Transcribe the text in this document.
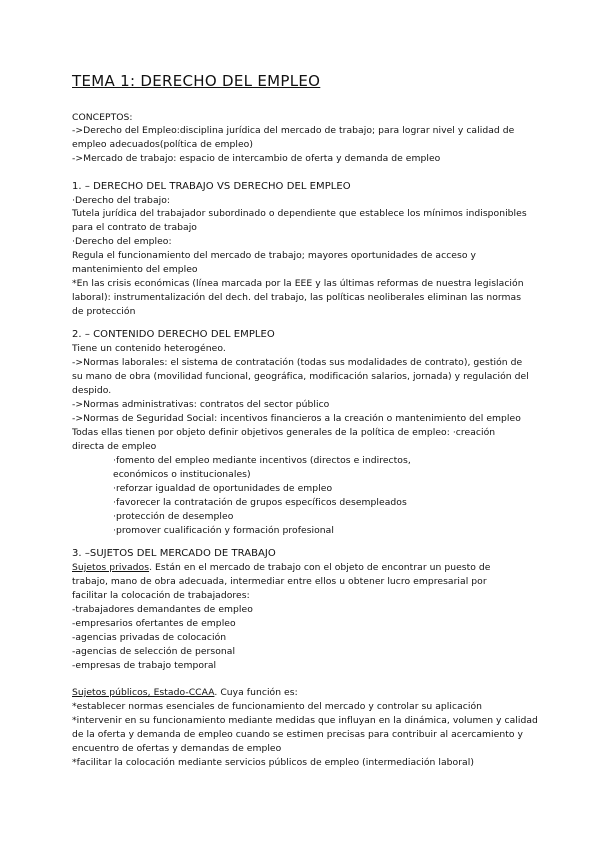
TEMA 1: DERECHO DEL EMPLEO
CONCEPTOS:
->Derecho del Empleo:disciplina jurídica del mercado de trabajo; para lograr nivel y calidad de
empleo adecuados(política de empleo)
->Mercado de trabajo: espacio de intercambio de oferta y demanda de empleo
1. – DERECHO DEL TRABAJO VS DERECHO DEL EMPLEO
·Derecho del trabajo:
Tutela jurídica del trabajador subordinado o dependiente que establece los mínimos indisponibles
para el contrato de trabajo
·Derecho del empleo:
Regula el funcionamiento del mercado de trabajo; mayores oportunidades de acceso y
mantenimiento del empleo
*En las crisis económicas (línea marcada por la EEE y las últimas reformas de nuestra legislación
laboral): instrumentalización del dech. del trabajo, las políticas neoliberales eliminan las normas
de protección
2. – CONTENIDO DERECHO DEL EMPLEO
Tiene un contenido heterogéneo.
->Normas laborales: el sistema de contratación (todas sus modalidades de contrato), gestión de
su mano de obra (movilidad funcional, geográfica, modificación salarios, jornada) y regulación del
despido.
->Normas administrativas: contratos del sector público
->Normas de Seguridad Social: incentivos financieros a la creación o mantenimiento del empleo
Todas ellas tienen por objeto definir objetivos generales de la política de empleo: ·creación
directa de empleo
·fomento del empleo mediante incentivos (directos e indirectos,
económicos o institucionales)
·reforzar igualdad de oportunidades de empleo
·favorecer la contratación de grupos específicos desempleados
·protección de desempleo
·promover cualificación y formación profesional
3. –SUJETOS DEL MERCADO DE TRABAJO
Sujetos privados. Están en el mercado de trabajo con el objeto de encontrar un puesto de
trabajo, mano de obra adecuada, intermediar entre ellos u obtener lucro empresarial por
facilitar la colocación de trabajadores:
-trabajadores demandantes de empleo
-empresarios ofertantes de empleo
-agencias privadas de colocación
-agencias de selección de personal
-empresas de trabajo temporal
Sujetos públicos, Estado-CCAA. Cuya función es:
*establecer normas esenciales de funcionamiento del mercado y controlar su aplicación
*intervenir en su funcionamiento mediante medidas que influyan en la dinámica, volumen y calidad
de la oferta y demanda de empleo cuando se estimen precisas para contribuir al acercamiento y
encuentro de ofertas y demandas de empleo
*facilitar la colocación mediante servicios públicos de empleo (intermediación laboral)
